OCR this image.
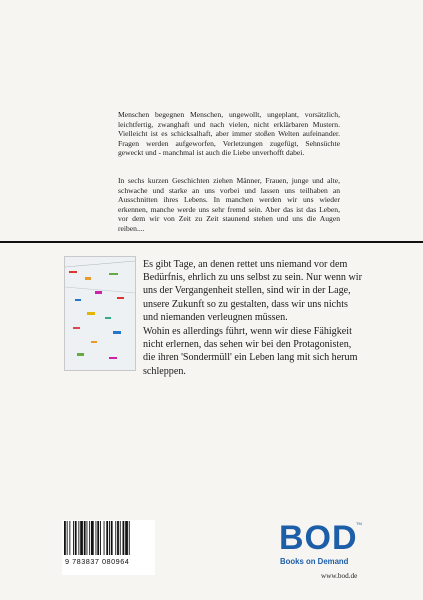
Menschen begegnen Menschen, ungewollt, ungeplant, vorsätzlich, leichtfertig, zwanghaft und nach vielen, nicht erklärbaren Mustern. Vielleicht ist es schicksalhaft, aber immer stoßen Welten aufeinander. Fragen werden aufgeworfen, Verletzungen zugefügt, Sehnsüchte geweckt und - manchmal ist auch die Liebe unverhofft dabei.
In sechs kurzen Geschichten ziehen Männer, Frauen, junge und alte, schwache und starke an uns vorbei und lassen uns teilhaben an Ausschnitten ihres Lebens. In manchen werden wir uns wieder erkennen, manche werde uns sehr fremd sein. Aber das ist das Leben, vor dem wir von Zeit zu Zeit staunend stehen und uns die Augen reiben....
Es gibt Tage, an denen rettet uns niemand vor dem Bedürfnis, ehrlich zu uns selbst zu sein. Nur wenn wir uns der Vergangenheit stellen, sind wir in der Lage, unsere Zukunft so zu gestalten, dass wir uns nichts und niemanden verleugnen müssen.
Wohin es allerdings führt, wenn wir diese Fähigkeit nicht erlernen, das sehen wir bei den Protagonisten, die ihren 'Sondermüll' ein Leben lang mit sich herum schleppen.
9 783837 080964
BOD
TM
Books on Demand
www.bod.de
